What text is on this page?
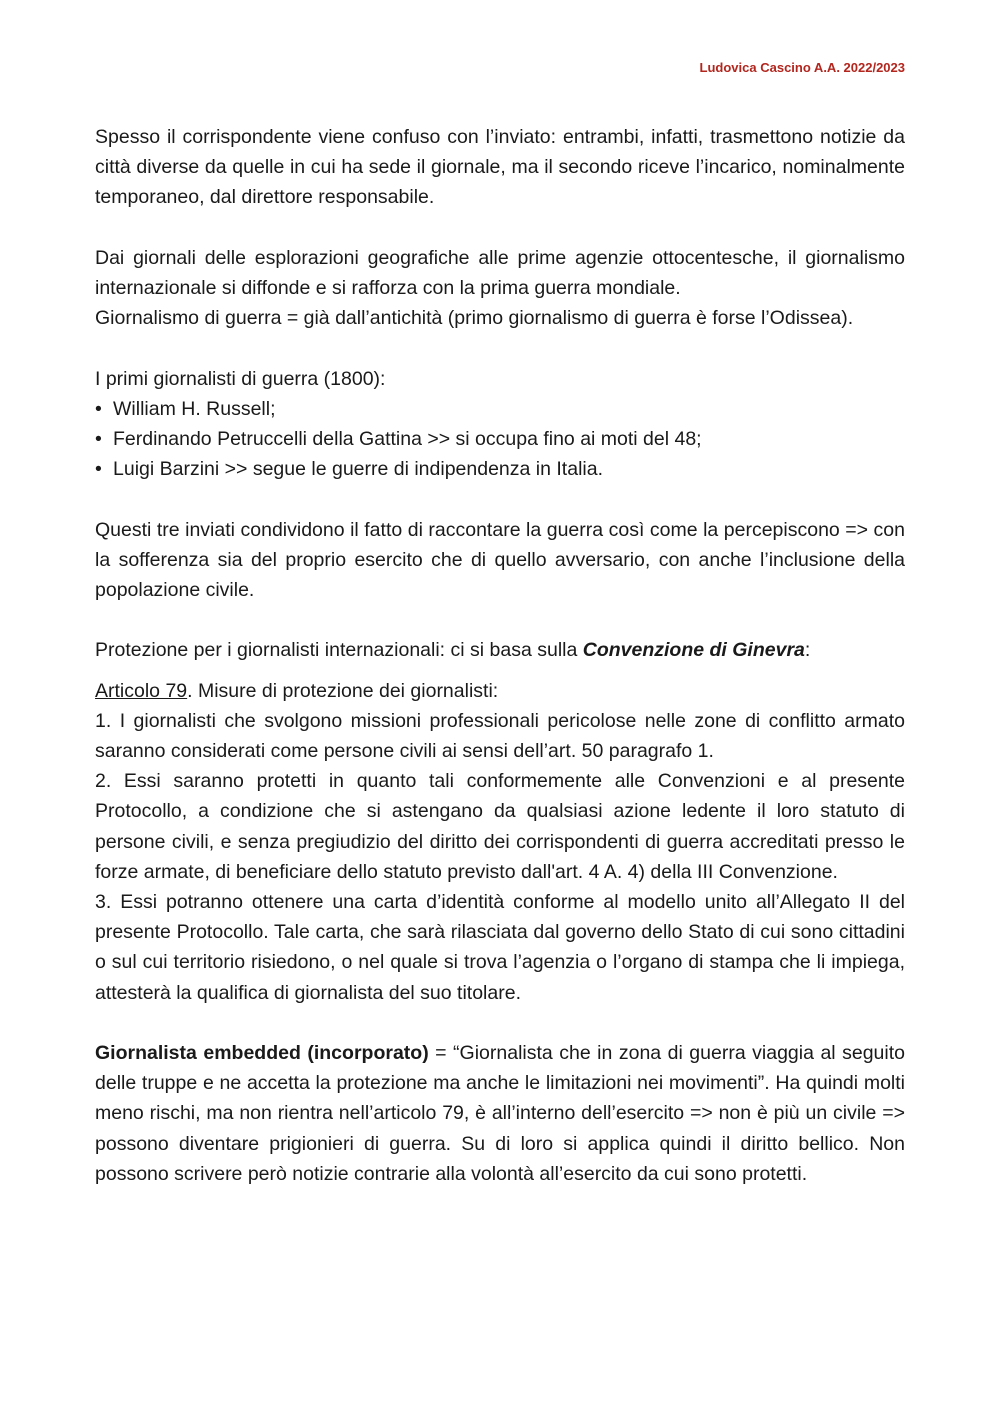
Ludovica Cascino A.A. 2022/2023

Spesso il corrispondente viene confuso con l’inviato: entrambi, infatti, trasmettono notizie da città diverse da quelle in cui ha sede il giornale, ma il secondo riceve l’incarico, nominalmente temporaneo, dal direttore responsabile.

Dai giornali delle esplorazioni geografiche alle prime agenzie ottocentesche, il giornalismo internazionale si diffonde e si rafforza con la prima guerra mondiale.

Giornalismo di guerra = già dall’antichità (primo giornalismo di guerra è forse l’Odissea).

I primi giornalisti di guerra (1800):

• William H. Russell;
• Ferdinando Petruccelli della Gattina >> si occupa fino ai moti del 48;
• Luigi Barzini >> segue le guerre di indipendenza in Italia.

Questi tre inviati condividono il fatto di raccontare la guerra così come la percepiscono => con la sofferenza sia del proprio esercito che di quello avversario, con anche l’inclusione della popolazione civile.

Protezione per i giornalisti internazionali: ci si basa sulla Convenzione di Ginevra:

Articolo 79. Misure di protezione dei giornalisti:

1. I giornalisti che svolgono missioni professionali pericolose nelle zone di conflitto armato saranno considerati come persone civili ai sensi dell’art. 50 paragrafo 1.

2. Essi saranno protetti in quanto tali conformemente alle Convenzioni e al presente Protocollo, a condizione che si astengano da qualsiasi azione ledente il loro statuto di persone civili, e senza pregiudizio del diritto dei corrispondenti di guerra accreditati presso le forze armate, di beneficiare dello statuto previsto dall'art. 4 A. 4) della III Convenzione.

3. Essi potranno ottenere una carta d’identità conforme al modello unito all’Allegato II del presente Protocollo. Tale carta, che sarà rilasciata dal governo dello Stato di cui sono cittadini o sul cui territorio risiedono, o nel quale si trova l’agenzia o l’organo di stampa che li impiega, attesterà la qualifica di giornalista del suo titolare.

Giornalista embedded (incorporato) = “Giornalista che in zona di guerra viaggia al seguito delle truppe e ne accetta la protezione ma anche le limitazioni nei movimenti”. Ha quindi molti meno rischi, ma non rientra nell’articolo 79, è all’interno dell’esercito => non è più un civile => possono diventare prigionieri di guerra. Su di loro si applica quindi il diritto bellico. Non possono scrivere però notizie contrarie alla volontà all’esercito da cui sono protetti.
